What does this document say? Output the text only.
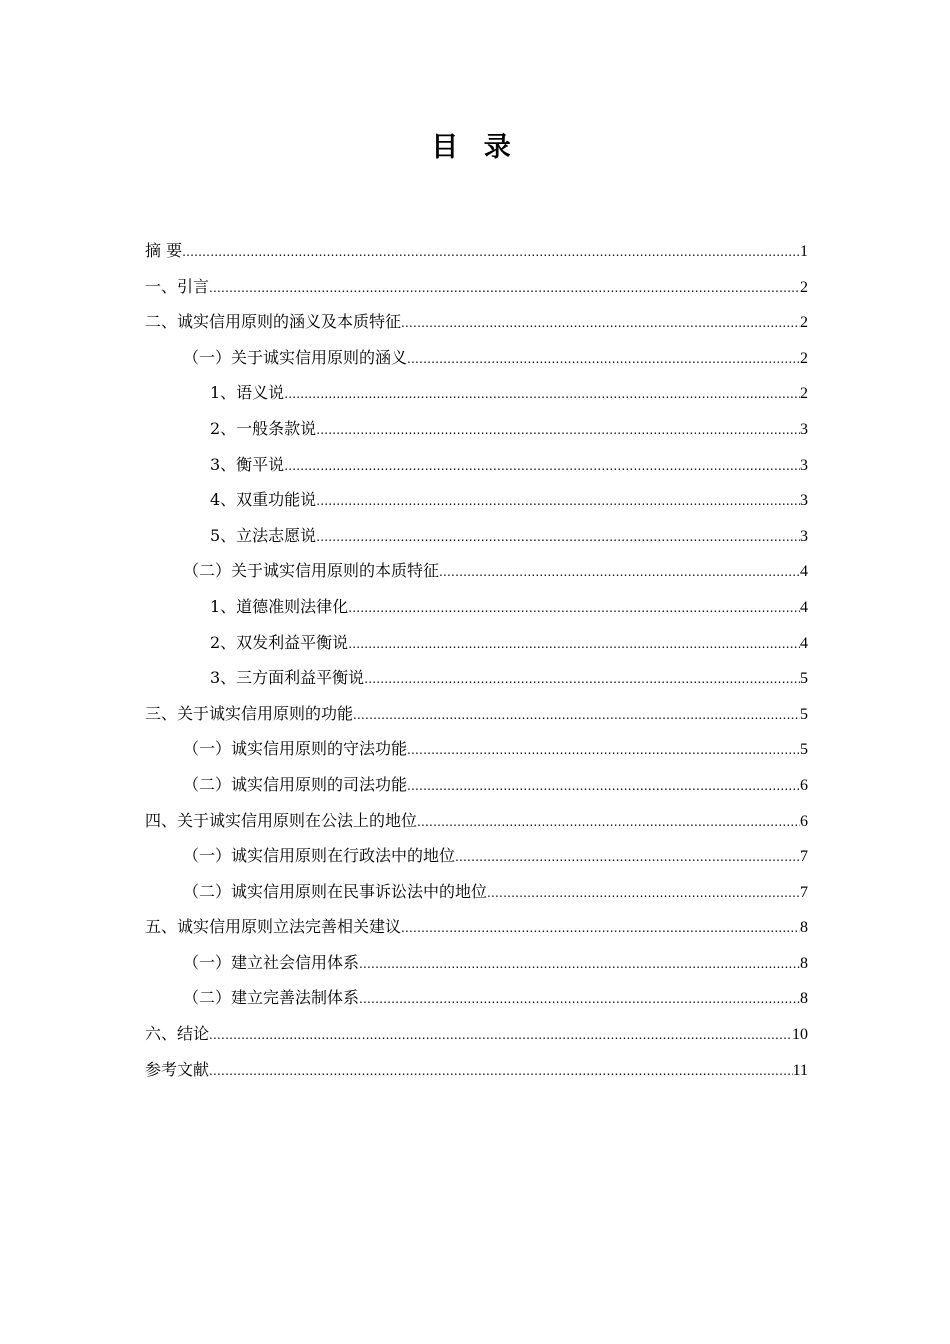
目 录
摘 要 .....	1
一、引言 .....	2
二、诚实信用原则的涵义及本质特征 .....	2
（一）关于诚实信用原则的涵义 .....	2
1、语义说 .....	2
2、一般条款说 .....	3
3、衡平说 .....	3
4、双重功能说 .....	3
5、立法志愿说 .....	3
（二）关于诚实信用原则的本质特征 .....	4
1、道德准则法律化 .....	4
2、双发利益平衡说 .....	4
3、三方面利益平衡说 .....	5
三、关于诚实信用原则的功能 .....	5
（一）诚实信用原则的守法功能 .....	5
（二）诚实信用原则的司法功能 .....	6
四、关于诚实信用原则在公法上的地位 .....	6
（一）诚实信用原则在行政法中的地位 .....	7
（二）诚实信用原则在民事诉讼法中的地位 .....	7
五、诚实信用原则立法完善相关建议 .....	8
（一）建立社会信用体系 .....	8
（二）建立完善法制体系 .....	8
六、结论 .....	10
参考文献 .....	11
